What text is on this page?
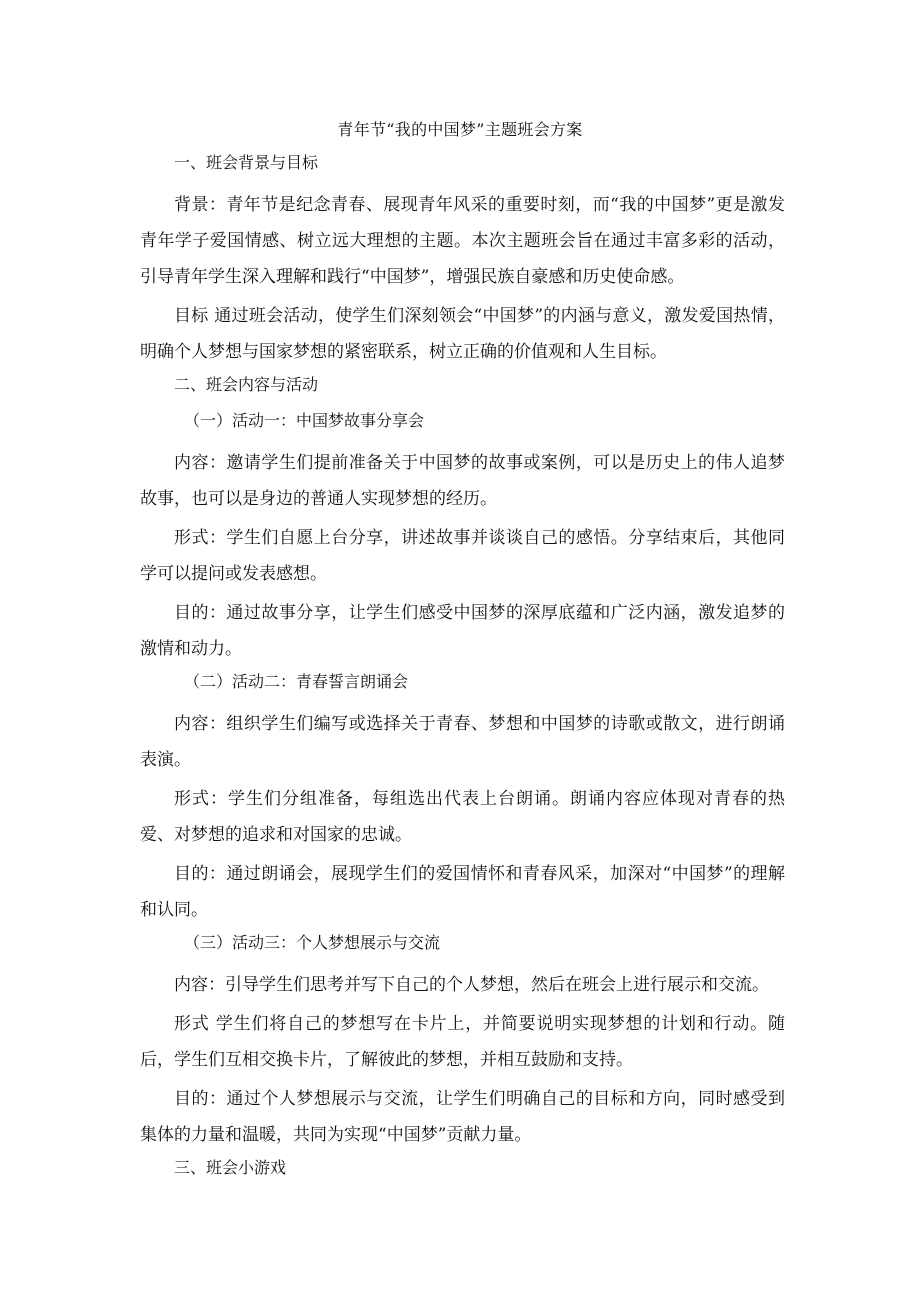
青年节“我的中国梦”主题班会方案
一、班会背景与目标

背景：青年节是纪念青春、展现青年风采的重要时刻，而“我的中国梦”更是激发青年学子爱国情感、树立远大理想的主题。本次主题班会旨在通过丰富多彩的活动，引导青年学生深入理解和践行“中国梦”，增强民族自豪感和历史使命感。

目标 通过班会活动，使学生们深刻领会“中国梦”的内涵与意义，激发爱国热情，明确个人梦想与国家梦想的紧密联系，树立正确的价值观和人生目标。

二、班会内容与活动
（一）活动一：中国梦故事分享会

内容：邀请学生们提前准备关于中国梦的故事或案例，可以是历史上的伟人追梦故事，也可以是身边的普通人实现梦想的经历。

形式：学生们自愿上台分享，讲述故事并谈谈自己的感悟。分享结束后，其他同学可以提问或发表感想。

目的：通过故事分享，让学生们感受中国梦的深厚底蕴和广泛内涵，激发追梦的激情和动力。

（二）活动二：青春誓言朗诵会

内容：组织学生们编写或选择关于青春、梦想和中国梦的诗歌或散文，进行朗诵表演。

形式：学生们分组准备，每组选出代表上台朗诵。朗诵内容应体现对青春的热爱、对梦想的追求和对国家的忠诚。

目的：通过朗诵会，展现学生们的爱国情怀和青春风采，加深对“中国梦”的理解和认同。

（三）活动三：个人梦想展示与交流

内容：引导学生们思考并写下自己的个人梦想，然后在班会上进行展示和交流。

形式 学生们将自己的梦想写在卡片上，并简要说明实现梦想的计划和行动。随后，学生们互相交换卡片，了解彼此的梦想，并相互鼓励和支持。

目的：通过个人梦想展示与交流，让学生们明确自己的目标和方向，同时感受到集体的力量和温暖，共同为实现“中国梦”贡献力量。

三、班会小游戏
